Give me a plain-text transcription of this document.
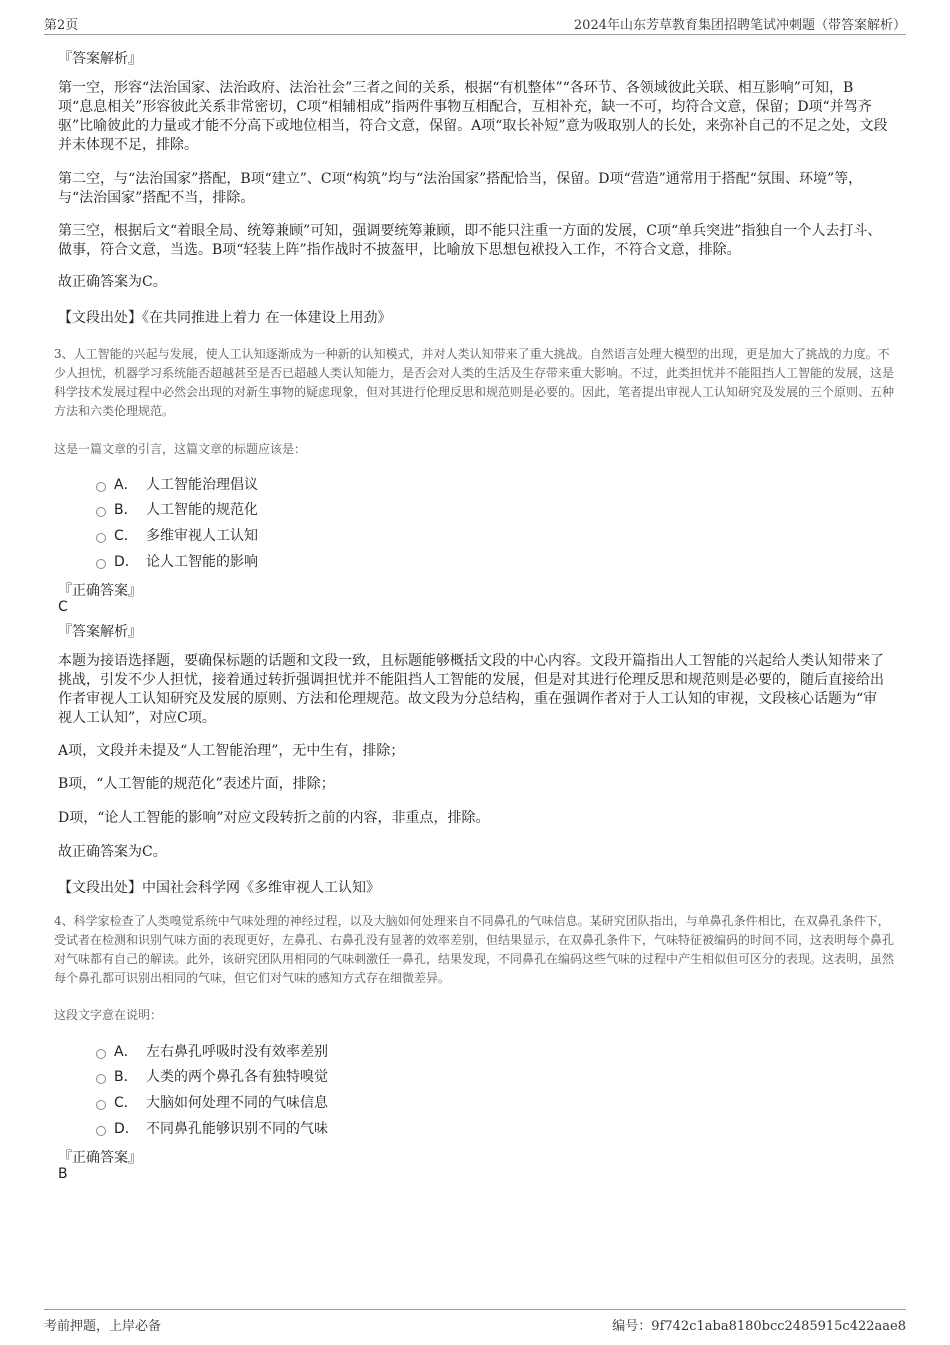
第2页	2024年山东芳草教育集团招聘笔试冲刺题（带答案解析）
『答案解析』
第一空，形容“法治国家、法治政府、法治社会”三者之间的关系，根据“有机整体”“各环节、各领域彼此关联、相互影响”可知，B项“息息相关”形容彼此关系非常密切，C项“相辅相成”指两件事物互相配合，互相补充，缺一不可，均符合文意，保留；D项“并驾齐驱”比喻彼此的力量或才能不分高下或地位相当，符合文意，保留。A项“取长补短”意为吸取别人的长处，来弥补自己的不足之处，文段并未体现不足，排除。
第二空，与“法治国家”搭配，B项“建立”、C项“构筑”均与“法治国家”搭配恰当，保留。D项“营造”通常用于搭配“氛围、环境”等，与“法治国家”搭配不当，排除。
第三空，根据后文“着眼全局、统筹兼顾”可知，强调要统筹兼顾，即不能只注重一方面的发展，C项“单兵突进”指独自一个人去打斗、做事，符合文意，当选。B项“轻装上阵”指作战时不披盔甲，比喻放下思想包袱投入工作，不符合文意，排除。
故正确答案为C。
【文段出处】《在共同推进上着力 在一体建设上用劲》
3、人工智能的兴起与发展，使人工认知逐渐成为一种新的认知模式，并对人类认知带来了重大挑战。自然语言处理大模型的出现，更是加大了挑战的力度。不少人担忧，机器学习系统能否超越甚至是否已超越人类认知能力，是否会对人类的生活及生存带来重大影响。不过，此类担忧并不能阻挡人工智能的发展，这是科学技术发展过程中必然会出现的对新生事物的疑虑现象，但对其进行伦理反思和规范则是必要的。因此，笔者提出审视人工认知研究及发展的三个原则、五种方法和六类伦理规范。
这是一篇文章的引言，这篇文章的标题应该是：
A． 人工智能治理倡议
B． 人工智能的规范化
C． 多维审视人工认知
D． 论人工智能的影响
『正确答案』
C
『答案解析』
本题为接语选择题，要确保标题的话题和文段一致，且标题能够概括文段的中心内容。文段开篇指出人工智能的兴起给人类认知带来了挑战，引发不少人担忧，接着通过转折强调担忧并不能阻挡人工智能的发展，但是对其进行伦理反思和规范则是必要的，随后直接给出作者审视人工认知研究及发展的原则、方法和伦理规范。故文段为分总结构，重在强调作者对于人工认知的审视，文段核心话题为“审视人工认知”，对应C项。
A项，文段并未提及“人工智能治理”，无中生有，排除；
B项，“人工智能的规范化”表述片面，排除；
D项，“论人工智能的影响”对应文段转折之前的内容，非重点，排除。
故正确答案为C。
【文段出处】中国社会科学网《多维审视人工认知》
4、科学家检查了人类嗅觉系统中气味处理的神经过程，以及大脑如何处理来自不同鼻孔的气味信息。某研究团队指出，与单鼻孔条件相比，在双鼻孔条件下，受试者在检测和识别气味方面的表现更好，左鼻孔、右鼻孔没有显著的效率差别，但结果显示，在双鼻孔条件下，气味特征被编码的时间不同，这表明每个鼻孔对气味都有自己的解读。此外，该研究团队用相同的气味刺激任一鼻孔，结果发现，不同鼻孔在编码这些气味的过程中产生相似但可区分的表现。这表明，虽然每个鼻孔都可识别出相同的气味，但它们对气味的感知方式存在细微差异。
这段文字意在说明：
A． 左右鼻孔呼吸时没有效率差别
B． 人类的两个鼻孔各有独特嗅觉
C． 大脑如何处理不同的气味信息
D． 不同鼻孔能够识别不同的气味
『正确答案』
B
考前押题，上岸必备	编号：9f742c1aba8180bcc2485915c422aae8
